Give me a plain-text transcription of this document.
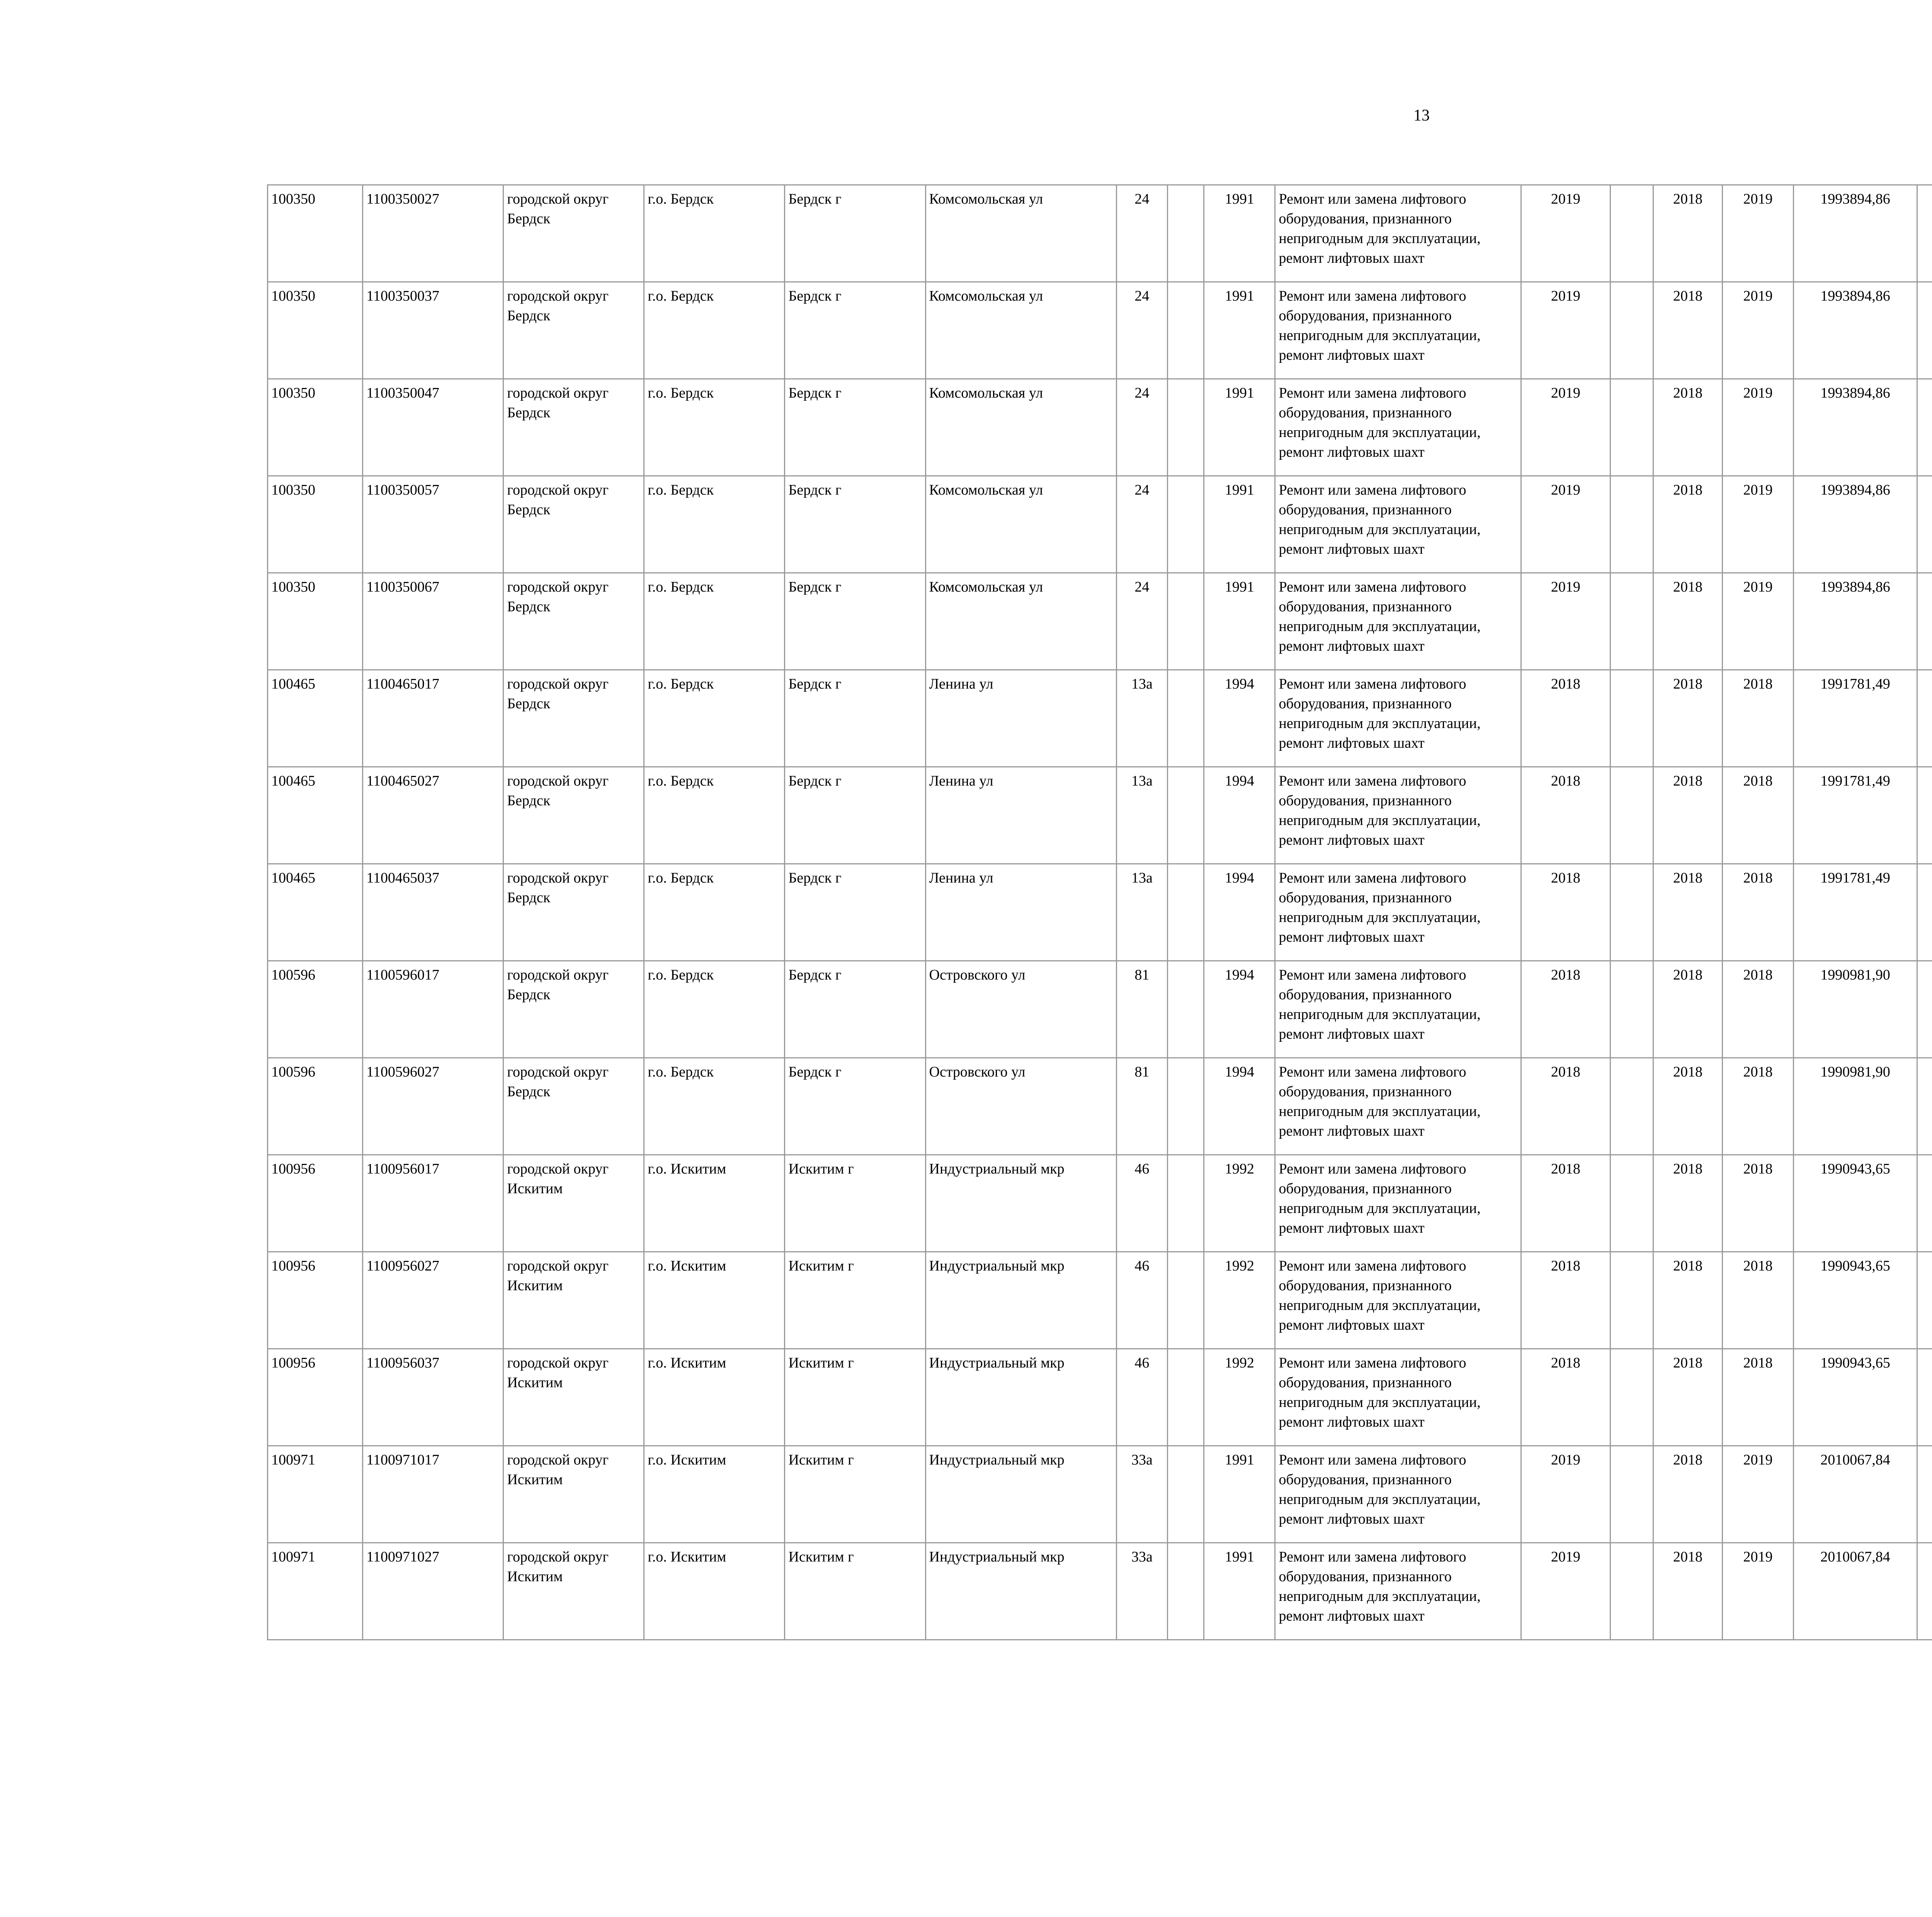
13
100350	1100350027	городской округ Бердск	г.о. Бердск	Бердск г	Комсомольская ул	24		1991	Ремонт или замена лифтового оборудования, признанного непригодным для эксплуатации, ремонт лифтовых шахт	2019		2018	2019	1993894,86						
100350	1100350037	городской округ Бердск	г.о. Бердск	Бердск г	Комсомольская ул	24		1991	Ремонт или замена лифтового оборудования, признанного непригодным для эксплуатации, ремонт лифтовых шахт	2019		2018	2019	1993894,86						
100350	1100350047	городской округ Бердск	г.о. Бердск	Бердск г	Комсомольская ул	24		1991	Ремонт или замена лифтового оборудования, признанного непригодным для эксплуатации, ремонт лифтовых шахт	2019		2018	2019	1993894,86						
100350	1100350057	городской округ Бердск	г.о. Бердск	Бердск г	Комсомольская ул	24		1991	Ремонт или замена лифтового оборудования, признанного непригодным для эксплуатации, ремонт лифтовых шахт	2019		2018	2019	1993894,86						
100350	1100350067	городской округ Бердск	г.о. Бердск	Бердск г	Комсомольская ул	24		1991	Ремонт или замена лифтового оборудования, признанного непригодным для эксплуатации, ремонт лифтовых шахт	2019		2018	2019	1993894,86						
100465	1100465017	городской округ Бердск	г.о. Бердск	Бердск г	Ленина ул	13а		1994	Ремонт или замена лифтового оборудования, признанного непригодным для эксплуатации, ремонт лифтовых шахт	2018		2018	2018	1991781,49						
100465	1100465027	городской округ Бердск	г.о. Бердск	Бердск г	Ленина ул	13а		1994	Ремонт или замена лифтового оборудования, признанного непригодным для эксплуатации, ремонт лифтовых шахт	2018		2018	2018	1991781,49						
100465	1100465037	городской округ Бердск	г.о. Бердск	Бердск г	Ленина ул	13а		1994	Ремонт или замена лифтового оборудования, признанного непригодным для эксплуатации, ремонт лифтовых шахт	2018		2018	2018	1991781,49						
100596	1100596017	городской округ Бердск	г.о. Бердск	Бердск г	Островского ул	81		1994	Ремонт или замена лифтового оборудования, признанного непригодным для эксплуатации, ремонт лифтовых шахт	2018		2018	2018	1990981,90						
100596	1100596027	городской округ Бердск	г.о. Бердск	Бердск г	Островского ул	81		1994	Ремонт или замена лифтового оборудования, признанного непригодным для эксплуатации, ремонт лифтовых шахт	2018		2018	2018	1990981,90						
100956	1100956017	городской округ Искитим	г.о. Искитим	Искитим г	Индустриальный мкр	46		1992	Ремонт или замена лифтового оборудования, признанного непригодным для эксплуатации, ремонт лифтовых шахт	2018		2018	2018	1990943,65						
100956	1100956027	городской округ Искитим	г.о. Искитим	Искитим г	Индустриальный мкр	46		1992	Ремонт или замена лифтового оборудования, признанного непригодным для эксплуатации, ремонт лифтовых шахт	2018		2018	2018	1990943,65						
100956	1100956037	городской округ Искитим	г.о. Искитим	Искитим г	Индустриальный мкр	46		1992	Ремонт или замена лифтового оборудования, признанного непригодным для эксплуатации, ремонт лифтовых шахт	2018		2018	2018	1990943,65						
100971	1100971017	городской округ Искитим	г.о. Искитим	Искитим г	Индустриальный мкр	33а		1991	Ремонт или замена лифтового оборудования, признанного непригодным для эксплуатации, ремонт лифтовых шахт	2019		2018	2019	2010067,84						
100971	1100971027	городской округ Искитим	г.о. Искитим	Искитим г	Индустриальный мкр	33а		1991	Ремонт или замена лифтового оборудования, признанного непригодным для эксплуатации, ремонт лифтовых шахт	2019		2018	2019	2010067,84						
